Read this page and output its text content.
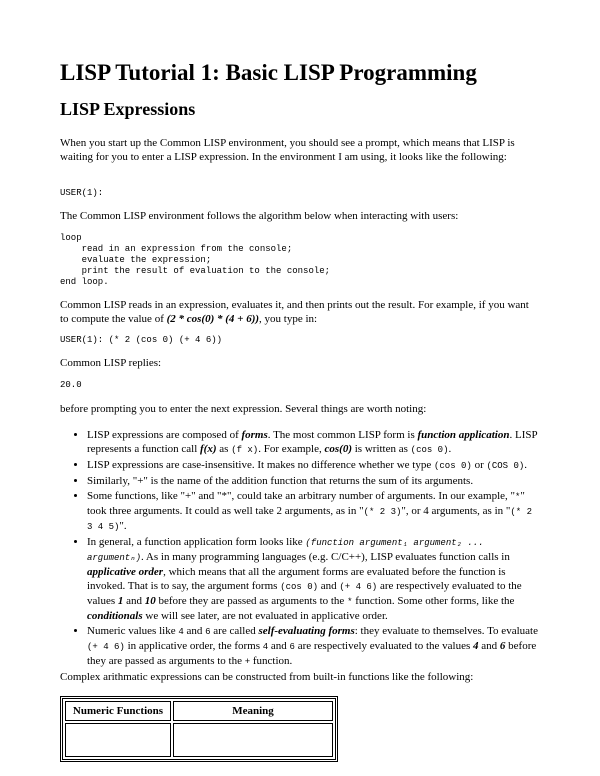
LISP Tutorial 1: Basic LISP Programming
LISP Expressions

When you start up the Common LISP environment, you should see a prompt, which means that LISP is waiting for you to enter a LISP expression. In the environment I am using, it looks like the following:

USER(1):

The Common LISP environment follows the algorithm below when interacting with users:

loop
read in an expression from the console;
evaluate the expression;
print the result of evaluation to the console;
end loop.

Common LISP reads in an expression, evaluates it, and then prints out the result. For example, if you want to compute the value of (2 * cos(0) * (4 + 6)), you type in:

USER(1): (* 2 (cos 0) (+ 4 6))

Common LISP replies:

20.0

before prompting you to enter the next expression. Several things are worth noting:

• LISP expressions are composed of forms. The most common LISP form is function application. LISP represents a function call f(x) as (f x). For example, cos(0) is written as (cos 0).
• LISP expressions are case-insensitive. It makes no difference whether we type (cos 0) or (COS 0).
• Similarly, "+" is the name of the addition function that returns the sum of its arguments.
• Some functions, like "+" and "*", could take an arbitrary number of arguments. In our example, "*" took three arguments. It could as well take 2 arguments, as in "(* 2 3)", or 4 arguments, as in "(* 2 3 4 5)".
• In general, a function application form looks like (function argument₁ argument₂ ... argumentₙ). As in many programming languages (e.g. C/C++), LISP evaluates function calls in applicative order, which means that all the argument forms are evaluated before the function is invoked. That is to say, the argument forms (cos 0) and (+ 4 6) are respectively evaluated to the values 1 and 10 before they are passed as arguments to the * function. Some other forms, like the conditionals we will see later, are not evaluated in applicative order.
• Numeric values like 4 and 6 are called self-evaluating forms: they evaluate to themselves. To evaluate (+ 4 6) in applicative order, the forms 4 and 6 are respectively evaluated to the values 4 and 6 before they are passed as arguments to the + function.

Complex arithmatic expressions can be constructed from built-in functions like the following:

Numeric Functions	Meaning
